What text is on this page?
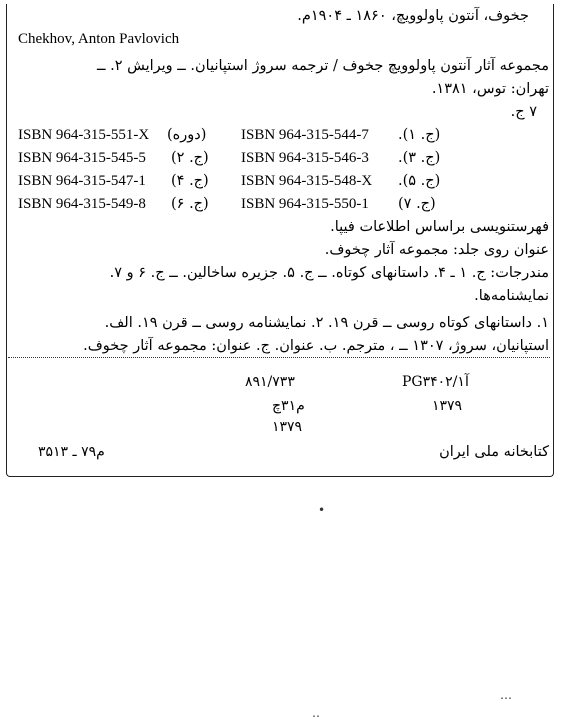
جخوف، آنتون پاولوویچ، ۱۸۶۰ ـ ۱۹۰۴م.
Chekhov, Anton Pavlovich
مجموعه آثار آنتون پاولوویچ جخوف / ترجمه سروژ استپانیان. ــ ویرایش ۲. ــ
تهران: توس، ۱۳۸۱.
۷ ج.
ISBN 964-315-551-X (دوره) ISBN 964-315-544-7 (ج. ۱).
ISBN 964-315-545-5 (ج. ۲) ISBN 964-315-546-3 (ج. ۳).
ISBN 964-315-547-1 (ج. ۴) ISBN 964-315-548-X (ج. ۵).
ISBN 964-315-549-8 (ج. ۶) ISBN 964-315-550-1 (ج. ۷)
فهرستنویسی براساس اطلاعات فیپا.
عنوان روی جلد: مجموعه آثار چخوف.
مندرجات: ج. ۱ ـ ۴. داستانهای کوتاه. ــ ج. ۵. جزیره ساخالین. ــ ج. ۶ و ۷.
نمایشنامه‌ها.
۱. داستانهای کوتاه روسی ــ قرن ۱۹. ۲. نمایشنامه روسی ــ قرن ۱۹. الف.
استپانیان، سروژ، ۱۳۰۷ ــ ، مترجم. ب. عنوان. ج. عنوان: مجموعه آثار چخوف.
۸۹۱/۷۳۳	PG۳۴۰۲/آ۱
م۳۱چ	۱۳۷۹
۱۳۷۹
کتابخانه ملی ایران
م۷۹ ـ ۳۵۱۳
•
…
‥
